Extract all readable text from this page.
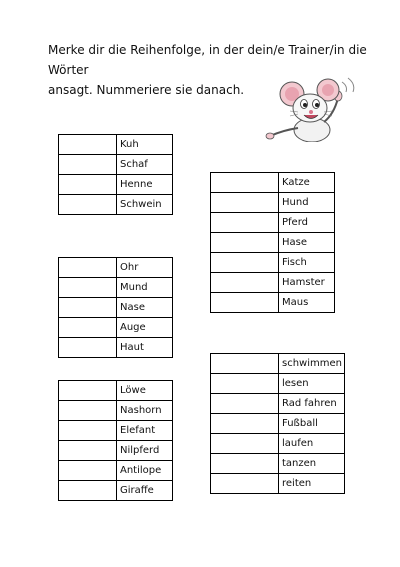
Merke dir die Reihenfolge, in der dein/e Trainer/in die Wörter
ansagt. Nummeriere sie danach.

	Kuh
	Schaf
	Henne
	Schwein
	Katze
	Hund
	Pferd
	Hase
	Fisch
	Hamster
	Maus
	Ohr
	Mund
	Nase
	Auge
	Haut
	Löwe
	Nashorn
	Elefant
	Nilpferd
	Antilope
	Giraffe
	schwimmen
	lesen
	Rad fahren
	Fußball
	laufen
	tanzen
	reiten
